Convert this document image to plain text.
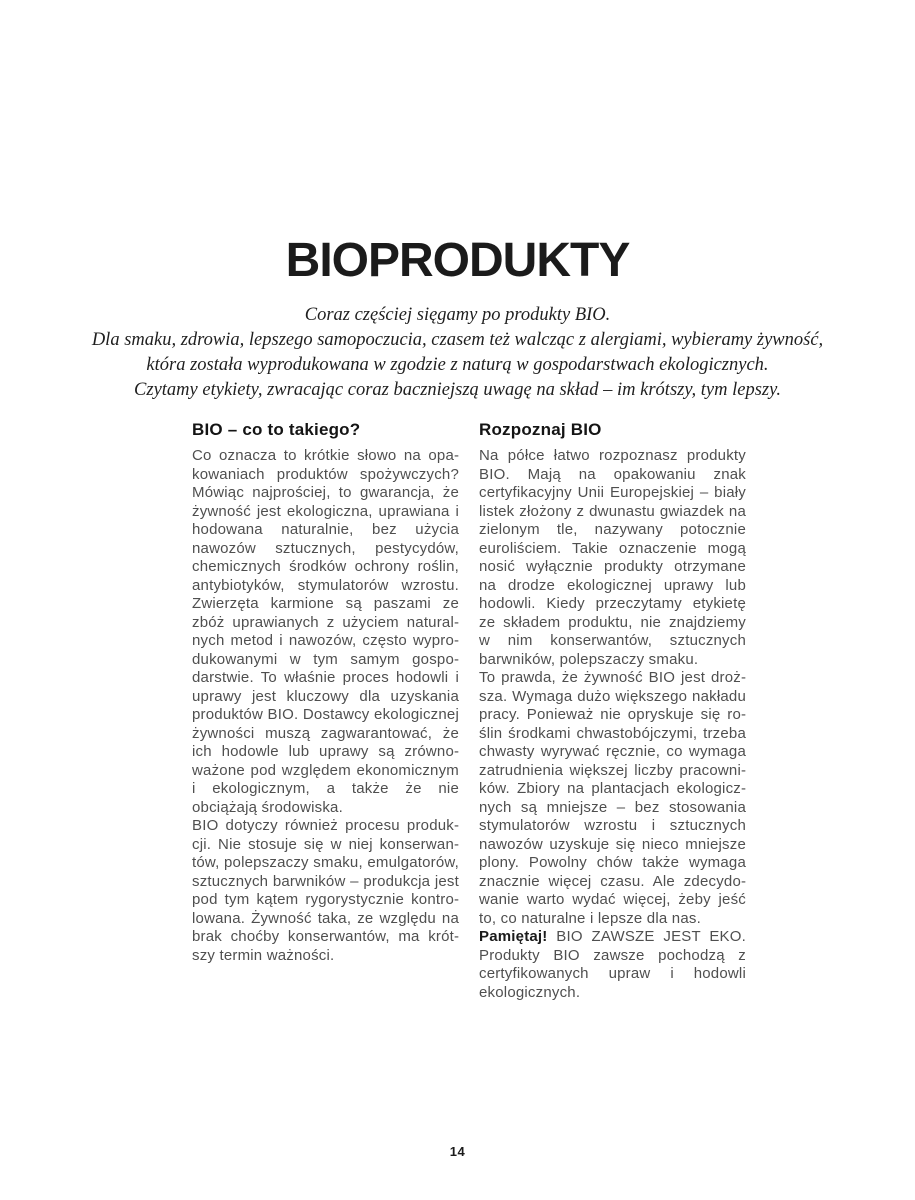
BIOPRODUKTY
Coraz częściej sięgamy po produkty BIO.
Dla smaku, zdrowia, lepszego samopoczucia, czasem też walcząc z alergiami, wybieramy żywność,
która została wyprodukowana w zgodzie z naturą w gospodarstwach ekologicznych.
Czytamy etykiety, zwracając coraz baczniejszą uwagę na skład – im krótszy, tym lepszy.
BIO – co to takiego?

Co oznacza to krótkie słowo na opakowaniach produktów spożywczych? Mówiąc najprościej, to gwarancja, że żywność jest ekologiczna, uprawiana i hodowana naturalnie, bez użycia nawozów sztucznych, pestycydów, chemicznych środków ochrony roślin, antybiotyków, stymulatorów wzrostu. Zwierzęta karmione są paszami ze zbóż uprawianych z użyciem naturalnych metod i nawozów, często wyprodukowanymi w tym samym gospodarstwie. To właśnie proces hodowli i uprawy jest kluczowy dla uzyskania produktów BIO. Dostawcy ekologicznej żywności muszą zagwarantować, że ich hodowle lub uprawy są zrównoważone pod względem ekonomicznym i ekologicznym, a także że nie obciążają środowiska.

BIO dotyczy również procesu produkcji. Nie stosuje się w niej konserwantów, polepszaczy smaku, emulgatorów, sztucznych barwników – produkcja jest pod tym kątem rygorystycznie kontrolowana. Żywność taka, ze względu na brak choćby konserwantów, ma krótszy termin ważności.

Rozpoznaj BIO

Na półce łatwo rozpoznasz produkty BIO. Mają na opakowaniu znak certyfikacyjny Unii Europejskiej – biały listek złożony z dwunastu gwiazdek na zielonym tle, nazywany potocznie euroliściem. Takie oznaczenie mogą nosić wyłącznie produkty otrzymane na drodze ekologicznej uprawy lub hodowli. Kiedy przeczytamy etykietę ze składem produktu, nie znajdziemy w nim konserwantów, sztucznych barwników, polepszaczy smaku.

To prawda, że żywność BIO jest droższa. Wymaga dużo większego nakładu pracy. Ponieważ nie opryskuje się roślin środkami chwastobójczymi, trzeba chwasty wyrywać ręcznie, co wymaga zatrudnienia większej liczby pracowników. Zbiory na plantacjach ekologicznych są mniejsze – bez stosowania stymulatorów wzrostu i sztucznych nawozów uzyskuje się nieco mniejsze plony. Powolny chów także wymaga znacznie więcej czasu. Ale zdecydowanie warto wydać więcej, żeby jeść to, co naturalne i lepsze dla nas.

Pamiętaj! BIO ZAWSZE JEST EKO. Produkty BIO zawsze pochodzą z certyfikowanych upraw i hodowli ekologicznych.

14
